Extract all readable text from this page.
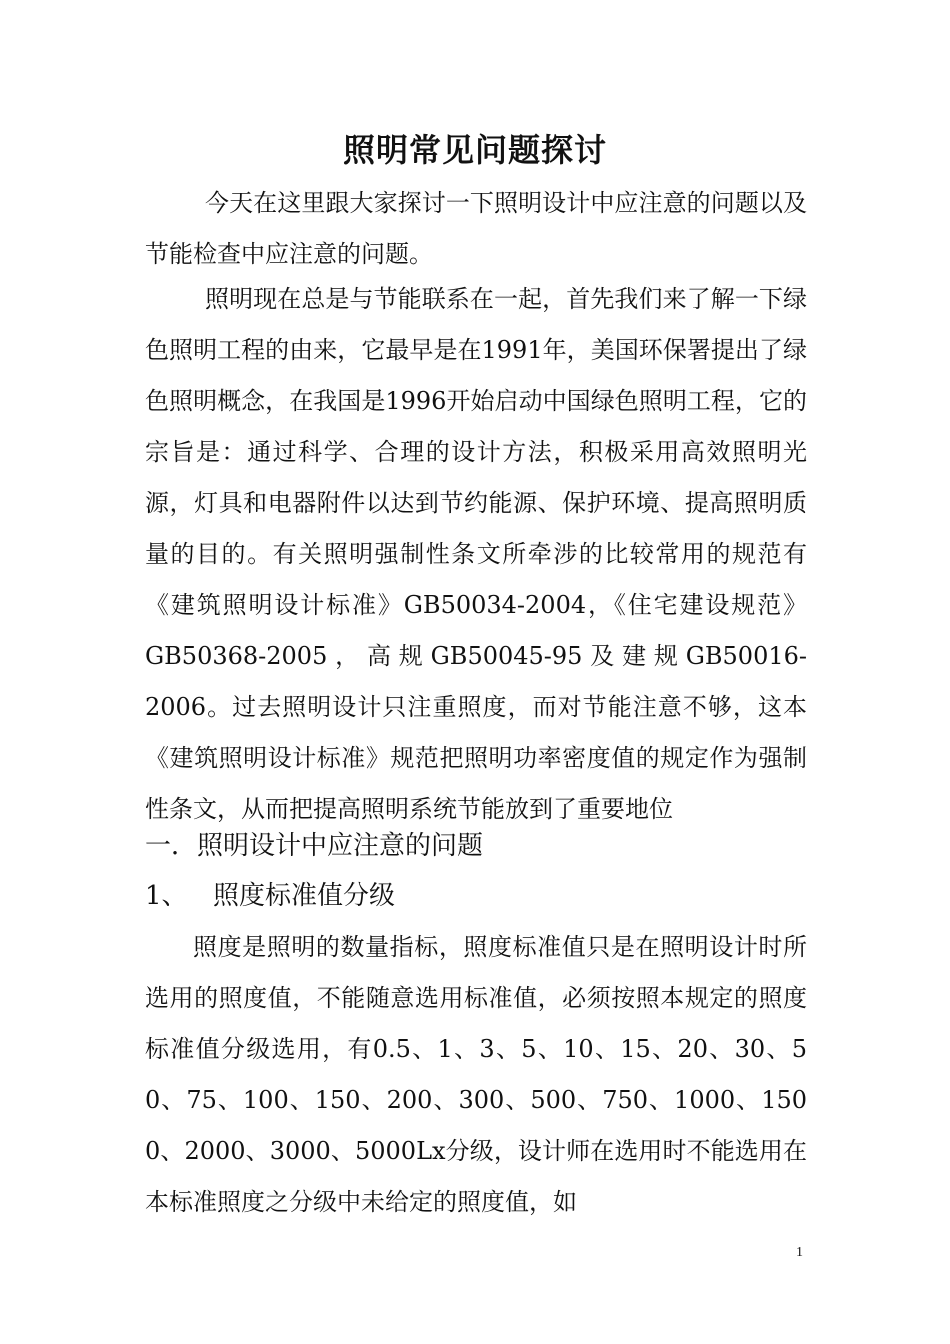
照明常见问题探讨

今天在这里跟大家探讨一下照明设计中应注意的问题以及节能检查中应注意的问题。

照明现在总是与节能联系在一起，首先我们来了解一下绿色照明工程的由来，它最早是在1991年，美国环保署提出了绿色照明概念，在我国是1996开始启动中国绿色照明工程，它的宗旨是：通过科学、合理的设计方法，积极采用高效照明光源，灯具和电器附件以达到节约能源、保护环境、提高照明质量的目的。有关照明强制性条文所牵涉的比较常用的规范有《建筑照明设计标准》GB50034-2004，《住宅建设规范》GB50368-2005，高规GB50045-95及建规GB50016-2006。过去照明设计只注重照度，而对节能注意不够，这本《建筑照明设计标准》规范把照明功率密度值的规定作为强制性条文，从而把提高照明系统节能放到了重要地位

一．照明设计中应注意的问题
1、 照度标准值分级

照度是照明的数量指标，照度标准值只是在照明设计时所选用的照度值，不能随意选用标准值，必须按照本规定的照度标准值分级选用，有0.5、1、3、5、10、15、20、30、50、75、100、150、200、300、500、750、1000、1500、2000、3000、5000Lx分级，设计师在选用时不能选用在本标准照度之分级中未给定的照度值，如

1
